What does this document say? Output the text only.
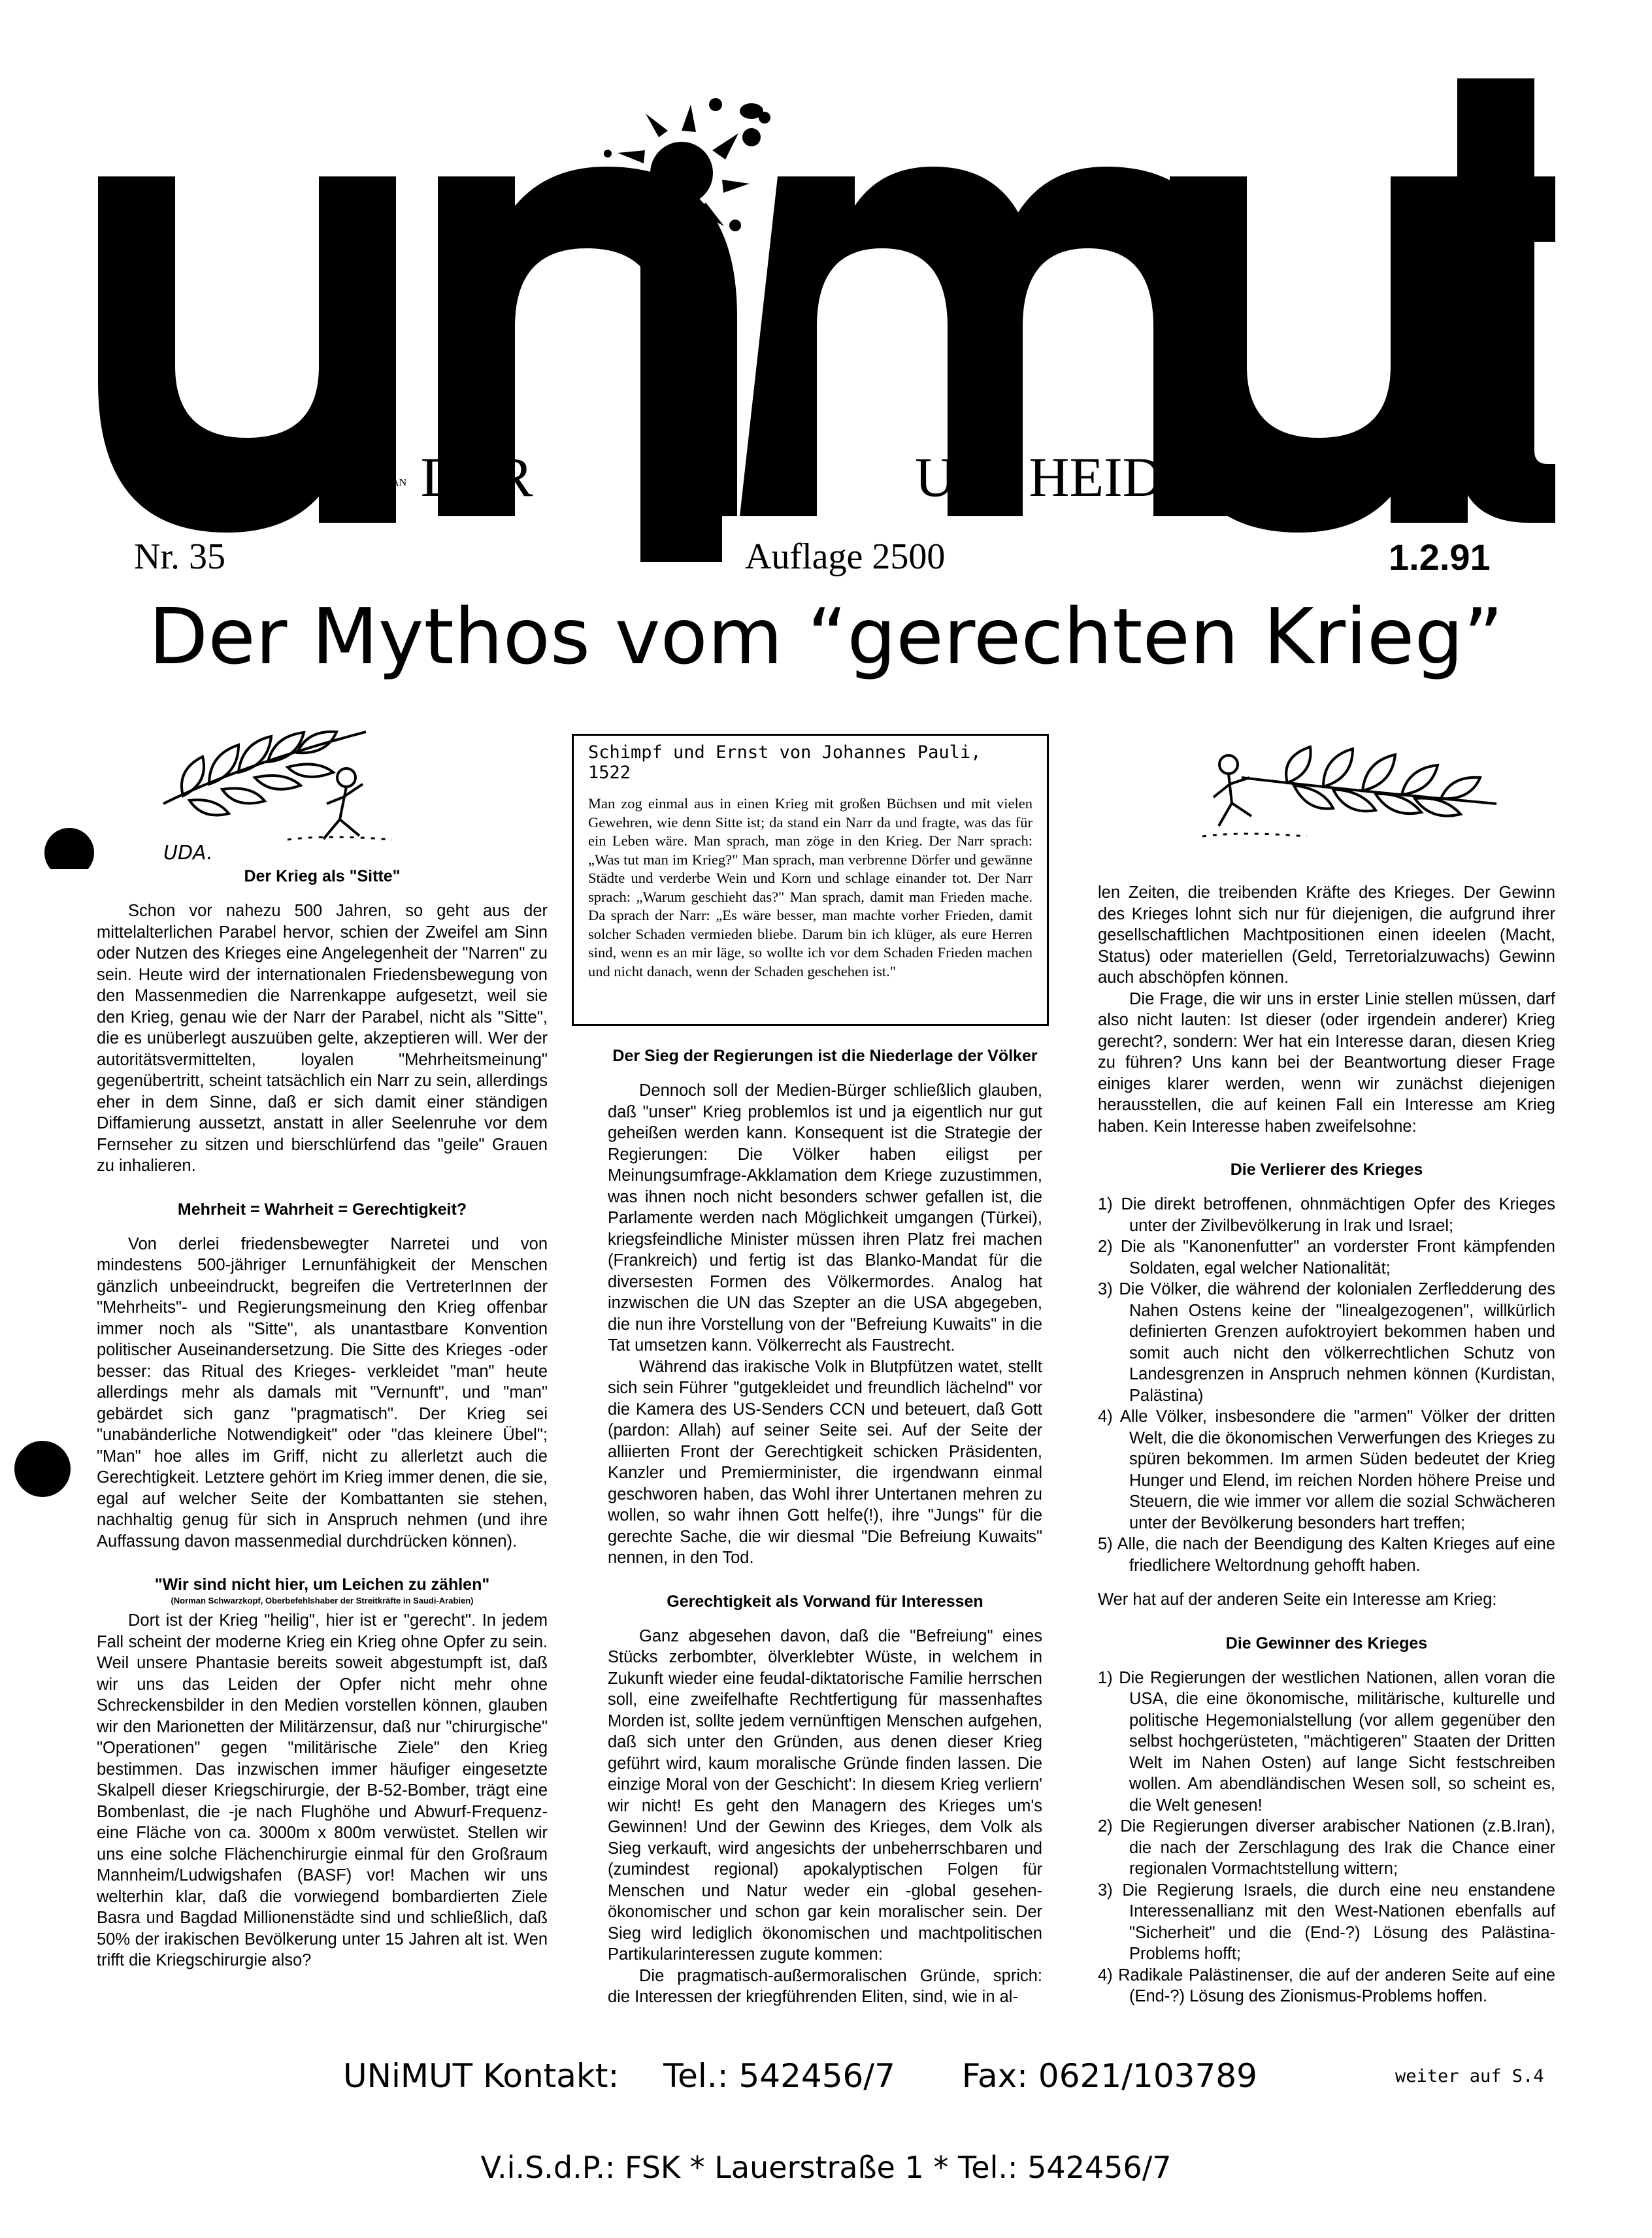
ZEITUNG AN DER	UNI HEIDELBERG
Nr. 35	Auflage 2500	1.2.91
Der Mythos vom “gerechten Krieg”
UDA.
Der Krieg als "Sitte"

Schon vor nahezu 500 Jahren, so geht aus der mittelalterlichen Parabel hervor, schien der Zweifel am Sinn oder Nutzen des Krieges eine Angelegenheit der "Narren" zu sein. Heute wird der internationalen Friedensbewegung von den Massenmedien die Narrenkappe aufgesetzt, weil sie den Krieg, genau wie der Narr der Parabel, nicht als "Sitte", die es unüberlegt auszuüben gelte, akzeptieren will. Wer der autoritätsvermittelten, loyalen "Mehrheitsmeinung" gegenübertritt, scheint tatsächlich ein Narr zu sein, allerdings eher in dem Sinne, daß er sich damit einer ständigen Diffamierung aussetzt, anstatt in aller Seelenruhe vor dem Fernseher zu sitzen und bierschlürfend das "geile" Grauen zu inhalieren.

Mehrheit = Wahrheit = Gerechtigkeit?

Von derlei friedensbewegter Narretei und von mindestens 500-jähriger Lernunfähigkeit der Menschen gänzlich unbeeindruckt, begreifen die VertreterInnen der "Mehrheits"- und Regierungsmeinung den Krieg offenbar immer noch als "Sitte", als unantastbare Konvention politischer Auseinandersetzung. Die Sitte des Krieges -oder besser: das Ritual des Krieges- verkleidet "man" heute allerdings mehr als damals mit "Vernunft", und "man" gebärdet sich ganz "pragmatisch". Der Krieg sei "unabänderliche Notwendigkeit" oder "das kleinere Übel"; "Man" hoe alles im Griff, nicht zu allerletzt auch die Gerechtigkeit. Letztere gehört im Krieg immer denen, die sie, egal auf welcher Seite der Kombattanten sie stehen, nachhaltig genug für sich in Anspruch nehmen (und ihre Auffassung davon massenmedial durchdrücken können).

"Wir sind nicht hier, um Leichen zu zählen"
(Norman Schwarzkopf, Oberbefehlshaber der Streitkräfte in Saudi-Arabien)

Dort ist der Krieg "heilig", hier ist er "gerecht". In jedem Fall scheint der moderne Krieg ein Krieg ohne Opfer zu sein. Weil unsere Phantasie bereits soweit abgestumpft ist, daß wir uns das Leiden der Opfer nicht mehr ohne Schreckensbilder in den Medien vorstellen können, glauben wir den Marionetten der Militärzensur, daß nur "chirurgische" "Operationen" gegen "militärische Ziele" den Krieg bestimmen. Das inzwischen immer häufiger eingesetzte Skalpell dieser Kriegschirurgie, der B-52-Bomber, trägt eine Bombenlast, die -je nach Flughöhe und Abwurf-Frequenz- eine Fläche von ca. 3000m x 800m verwüstet. Stellen wir uns eine solche Flächenchirurgie einmal für den Großraum Mannheim/Ludwigshafen (BASF) vor! Machen wir uns welterhin klar, daß die vorwiegend bombardierten Ziele Basra und Bagdad Millionenstädte sind und schließlich, daß 50% der irakischen Bevölkerung unter 15 Jahren alt ist. Wen trifft die Kriegschirurgie also?

Schimpf und Ernst von Johannes Pauli, 1522
Man zog einmal aus in einen Krieg mit großen Büchsen und mit vielen Gewehren, wie denn Sitte ist; da stand ein Narr da und fragte, was das für ein Leben wäre. Man sprach, man zöge in den Krieg. Der Narr sprach: „Was tut man im Krieg?" Man sprach, man verbrenne Dörfer und gewänne Städte und verderbe Wein und Korn und schlage einander tot. Der Narr sprach: „Warum geschieht das?" Man sprach, damit man Frieden mache. Da sprach der Narr: „Es wäre besser, man machte vorher Frieden, damit solcher Schaden vermieden bliebe. Darum bin ich klüger, als eure Herren sind, wenn es an mir läge, so wollte ich vor dem Schaden Frieden machen und nicht danach, wenn der Schaden geschehen ist."
Der Sieg der Regierungen ist die Niederlage der Völker

Dennoch soll der Medien-Bürger schließlich glauben, daß "unser" Krieg problemlos ist und ja eigentlich nur gut geheißen werden kann. Konsequent ist die Strategie der Regierungen: Die Völker haben eiligst per Meinungsumfrage-Akklamation dem Kriege zuzustimmen, was ihnen noch nicht besonders schwer gefallen ist, die Parlamente werden nach Möglichkeit umgangen (Türkei), kriegsfeindliche Minister müssen ihren Platz frei machen (Frankreich) und fertig ist das Blanko-Mandat für die diversesten Formen des Völkermordes. Analog hat inzwischen die UN das Szepter an die USA abgegeben, die nun ihre Vorstellung von der "Befreiung Kuwaits" in die Tat umsetzen kann. Völkerrecht als Faustrecht.

Während das irakische Volk in Blutpfützen watet, stellt sich sein Führer "gutgekleidet und freundlich lächelnd" vor die Kamera des US-Senders CCN und beteuert, daß Gott (pardon: Allah) auf seiner Seite sei. Auf der Seite der alliierten Front der Gerechtigkeit schicken Präsidenten, Kanzler und Premierminister, die irgendwann einmal geschworen haben, das Wohl ihrer Untertanen mehren zu wollen, so wahr ihnen Gott helfe(!), ihre "Jungs" für die gerechte Sache, die wir diesmal "Die Befreiung Kuwaits" nennen, in den Tod.

Gerechtigkeit als Vorwand für Interessen

Ganz abgesehen davon, daß die "Befreiung" eines Stücks zerbombter, ölverklebter Wüste, in welchem in Zukunft wieder eine feudal-diktatorische Familie herrschen soll, eine zweifelhafte Rechtfertigung für massenhaftes Morden ist, sollte jedem vernünftigen Menschen aufgehen, daß sich unter den Gründen, aus denen dieser Krieg geführt wird, kaum moralische Gründe finden lassen. Die einzige Moral von der Geschicht': In diesem Krieg verliern' wir nicht! Es geht den Managern des Krieges um's Gewinnen! Und der Gewinn des Krieges, dem Volk als Sieg verkauft, wird angesichts der unbeherrschbaren und (zumindest regional) apokalyptischen Folgen für Menschen und Natur weder ein -global gesehen- ökonomischer und schon gar kein moralischer sein. Der Sieg wird lediglich ökonomischen und machtpolitischen Partikularinteressen zugute kommen:

Die pragmatisch-außermoralischen Gründe, sprich: die Interessen der kriegführenden Eliten, sind, wie in al-

len Zeiten, die treibenden Kräfte des Krieges. Der Gewinn des Krieges lohnt sich nur für diejenigen, die aufgrund ihrer gesellschaftlichen Machtpositionen einen ideelen (Macht, Status) oder materiellen (Geld, Terretorialzuwachs) Gewinn auch abschöpfen können.

Die Frage, die wir uns in erster Linie stellen müssen, darf also nicht lauten: Ist dieser (oder irgendein anderer) Krieg gerecht?, sondern: Wer hat ein Interesse daran, diesen Krieg zu führen? Uns kann bei der Beantwortung dieser Frage einiges klarer werden, wenn wir zunächst diejenigen herausstellen, die auf keinen Fall ein Interesse am Krieg haben. Kein Interesse haben zweifelsohne:

Die Verlierer des Krieges
1) Die direkt betroffenen, ohnmächtigen Opfer des Krieges unter der Zivilbevölkerung in Irak und Israel;
2) Die als "Kanonenfutter" an vorderster Front kämpfenden Soldaten, egal welcher Nationalität;
3) Die Völker, die während der kolonialen Zerfledderung des Nahen Ostens keine der "linealgezogenen", willkürlich definierten Grenzen aufoktroyiert bekommen haben und somit auch nicht den völkerrechtlichen Schutz von Landesgrenzen in Anspruch nehmen können (Kurdistan, Palästina)
4) Alle Völker, insbesondere die "armen" Völker der dritten Welt, die die ökonomischen Verwerfungen des Krieges zu spüren bekommen. Im armen Süden bedeutet der Krieg Hunger und Elend, im reichen Norden höhere Preise und Steuern, die wie immer vor allem die sozial Schwächeren unter der Bevölkerung besonders hart treffen;
5) Alle, die nach der Beendigung des Kalten Krieges auf eine friedlichere Weltordnung gehofft haben.

Wer hat auf der anderen Seite ein Interesse am Krieg:

Die Gewinner des Krieges
1) Die Regierungen der westlichen Nationen, allen voran die USA, die eine ökonomische, militärische, kulturelle und politische Hegemonialstellung (vor allem gegenüber den selbst hochgerüsteten, "mächtigeren" Staaten der Dritten Welt im Nahen Osten) auf lange Sicht festschreiben wollen. Am abendländischen Wesen soll, so scheint es, die Welt genesen!
2) Die Regierungen diverser arabischer Nationen (z.B.Iran), die nach der Zerschlagung des Irak die Chance einer regionalen Vormachtstellung wittern;
3) Die Regierung Israels, die durch eine neu enstandene Interessenallianz mit den West-Nationen ebenfalls auf "Sicherheit" und die (End-?) Lösung des Palästina-Problems hofft;
4) Radikale Palästinenser, die auf der anderen Seite auf eine (End-?) Lösung des Zionismus-Problems hoffen.
UNiMUT Kontakt: Tel.: 542456/7 Fax: 0621/103789	weiter auf S.4
V.i.S.d.P.: FSK * Lauerstraße 1 * Tel.: 542456/7
